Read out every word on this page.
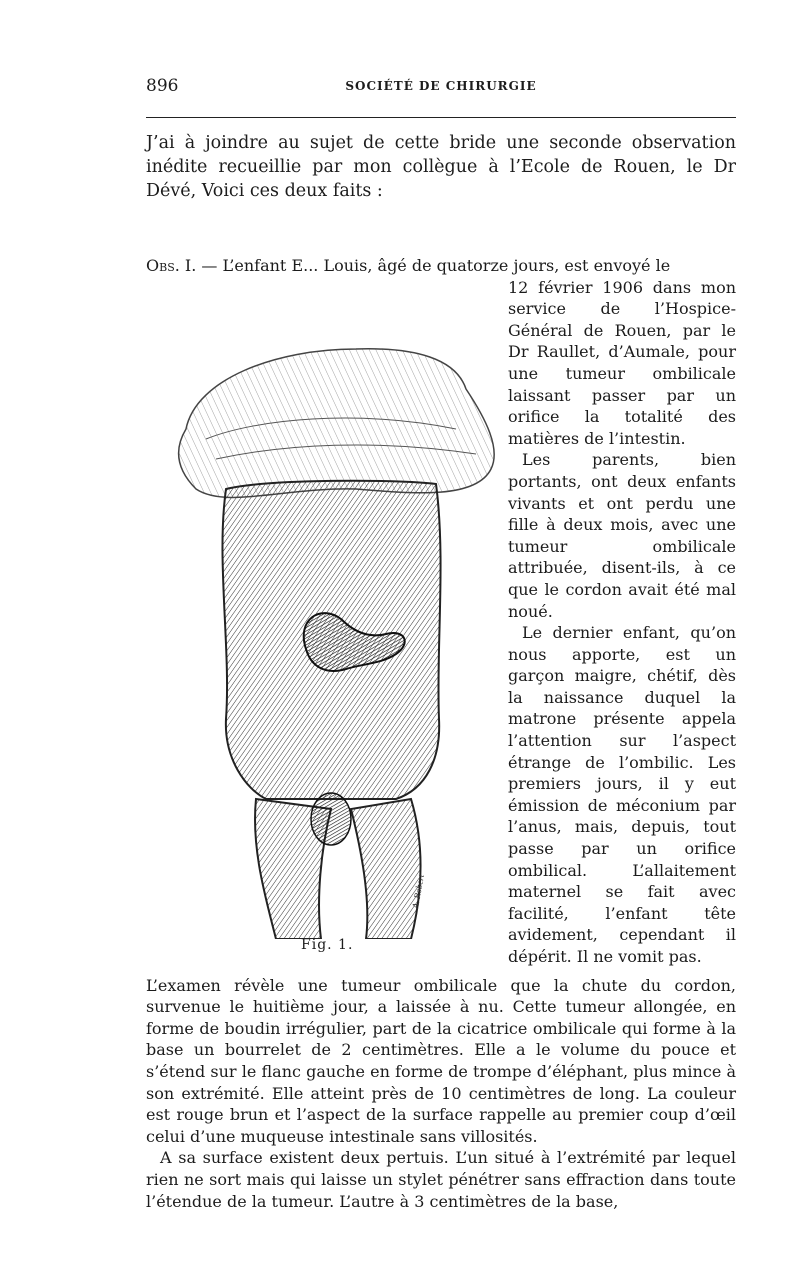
896	SOCIÉTÉ DE CHIRURGIE

J’ai à joindre au sujet de cette bride une seconde observation inédite recueillie par mon collègue à l’Ecole de Rouen, le Dr Dévé, Voici ces deux faits :

Obs. I. — L’enfant E... Louis, âgé de quatorze jours, est envoyé le

A. Robert
Fig. 1.

12 février 1906 dans mon service de l’Hospice-Général de Rouen, par le Dr Raullet, d’Aumale, pour une tumeur ombilicale laissant passer par un orifice la totalité des matières de l’intestin.

Les parents, bien portants, ont deux enfants vivants et ont perdu une fille à deux mois, avec une tumeur ombilicale attribuée, disent-ils, à ce que le cordon avait été mal noué.

Le dernier enfant, qu’on nous apporte, est un garçon maigre, chétif, dès la naissance duquel la matrone présente appela l’attention sur l’aspect étrange de l’ombilic. Les premiers jours, il y eut émission de méconium par l’anus, mais, depuis, tout passe par un orifice ombilical. L’allaitement maternel se fait avec facilité, l’enfant tête avidement, cependant il dépérit. Il ne vomit pas.

L’examen révèle une tumeur ombilicale que la chute du cordon, survenue le huitième jour, a laissée à nu. Cette tumeur allongée, en forme de boudin irrégulier, part de la cicatrice ombilicale qui forme à la base un bourrelet de 2 centimètres. Elle a le volume du pouce et s’étend sur le flanc gauche en forme de trompe d’éléphant, plus mince à son extrémité. Elle atteint près de 10 centimètres de long. La couleur est rouge brun et l’aspect de la surface rappelle au premier coup d’œil celui d’une muqueuse intestinale sans villosités.

A sa surface existent deux pertuis. L’un situé à l’extrémité par lequel rien ne sort mais qui laisse un stylet pénétrer sans effraction dans toute l’étendue de la tumeur. L’autre à 3 centimètres de la base,
